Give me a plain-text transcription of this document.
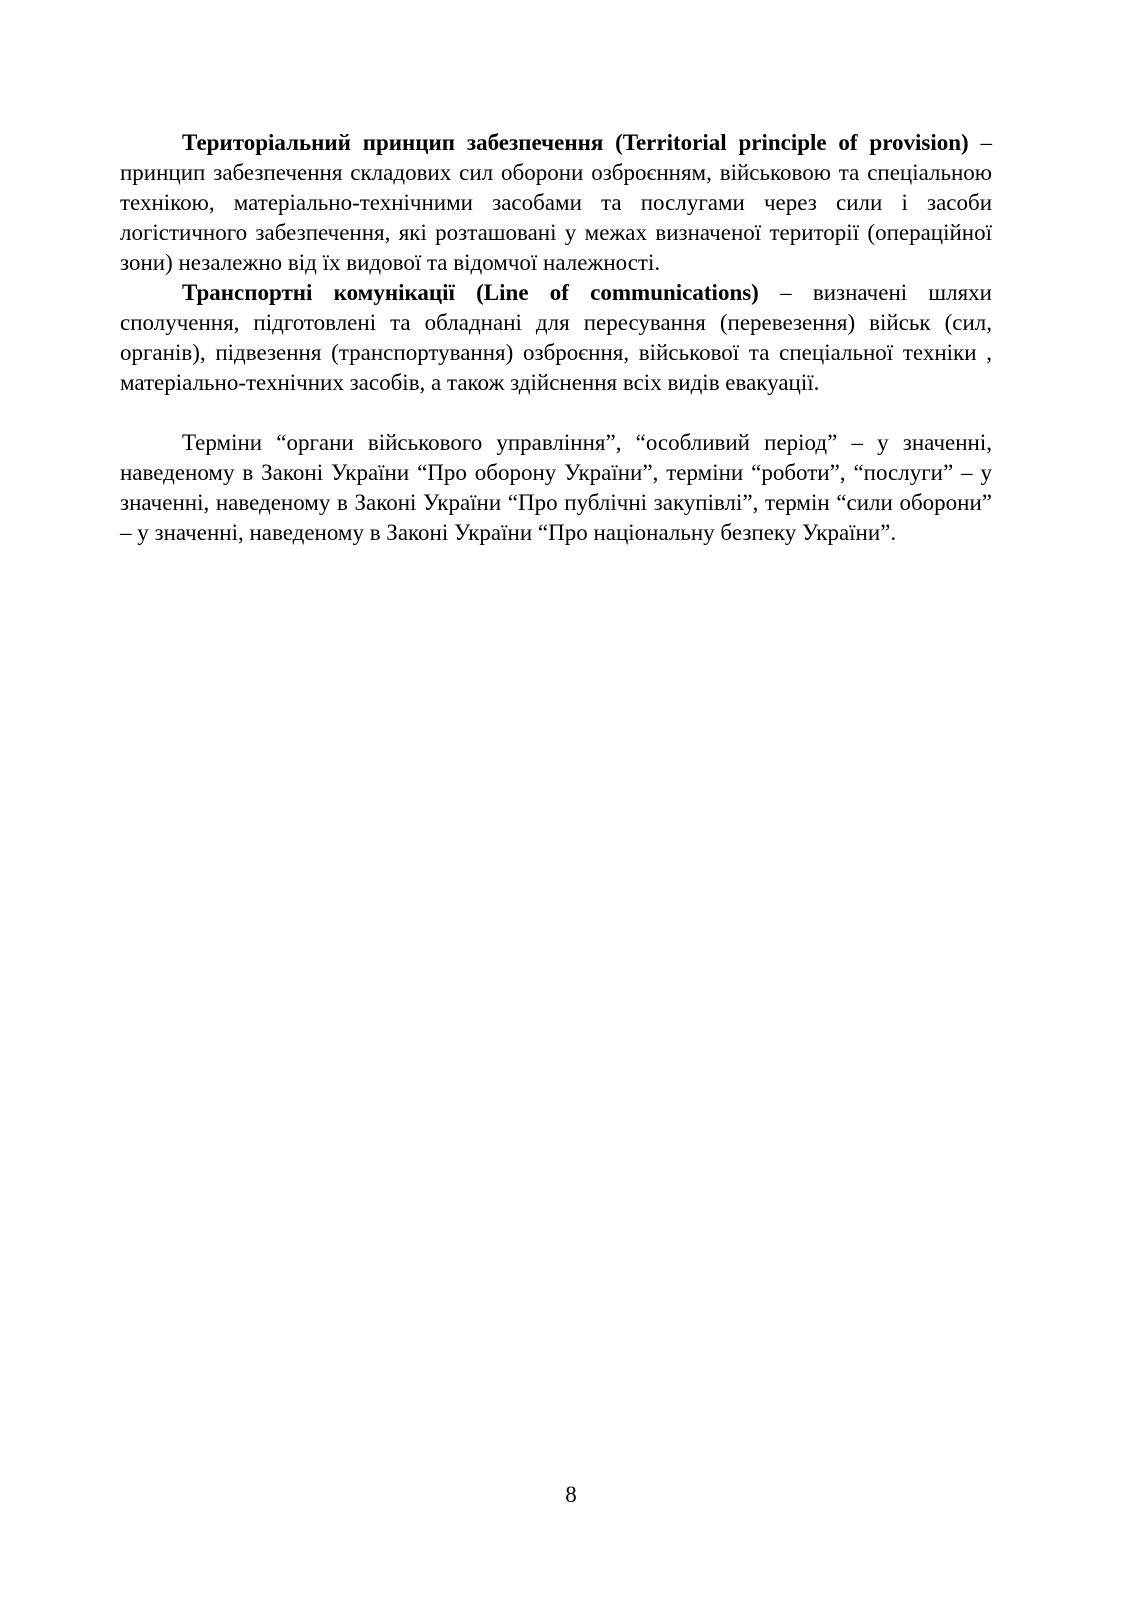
Територіальний принцип забезпечення (Territorial principle of provision) – принцип забезпечення складових сил оборони озброєнням, військовою та спеціальною технікою, матеріально-технічними засобами та послугами через сили і засоби логістичного забезпечення, які розташовані у межах визначеної території (операційної зони) незалежно від їх видової та відомчої належності.

Транспортні комунікації (Line of communications) – визначені шляхи сполучення, підготовлені та обладнані для пересування (перевезення) військ (сил, органів), підвезення (транспортування) озброєння, військової та спеціальної техніки , матеріально-технічних засобів, а також здійснення всіх видів евакуації.

Терміни “органи військового управління”, “особливий період” – у значенні, наведеному в Законі України “Про оборону України”, терміни “роботи”, “послуги” – у значенні, наведеному в Законі України “Про публічні закупівлі”, термін “сили оборони” – у значенні, наведеному в Законі України “Про національну безпеку України”.

8
